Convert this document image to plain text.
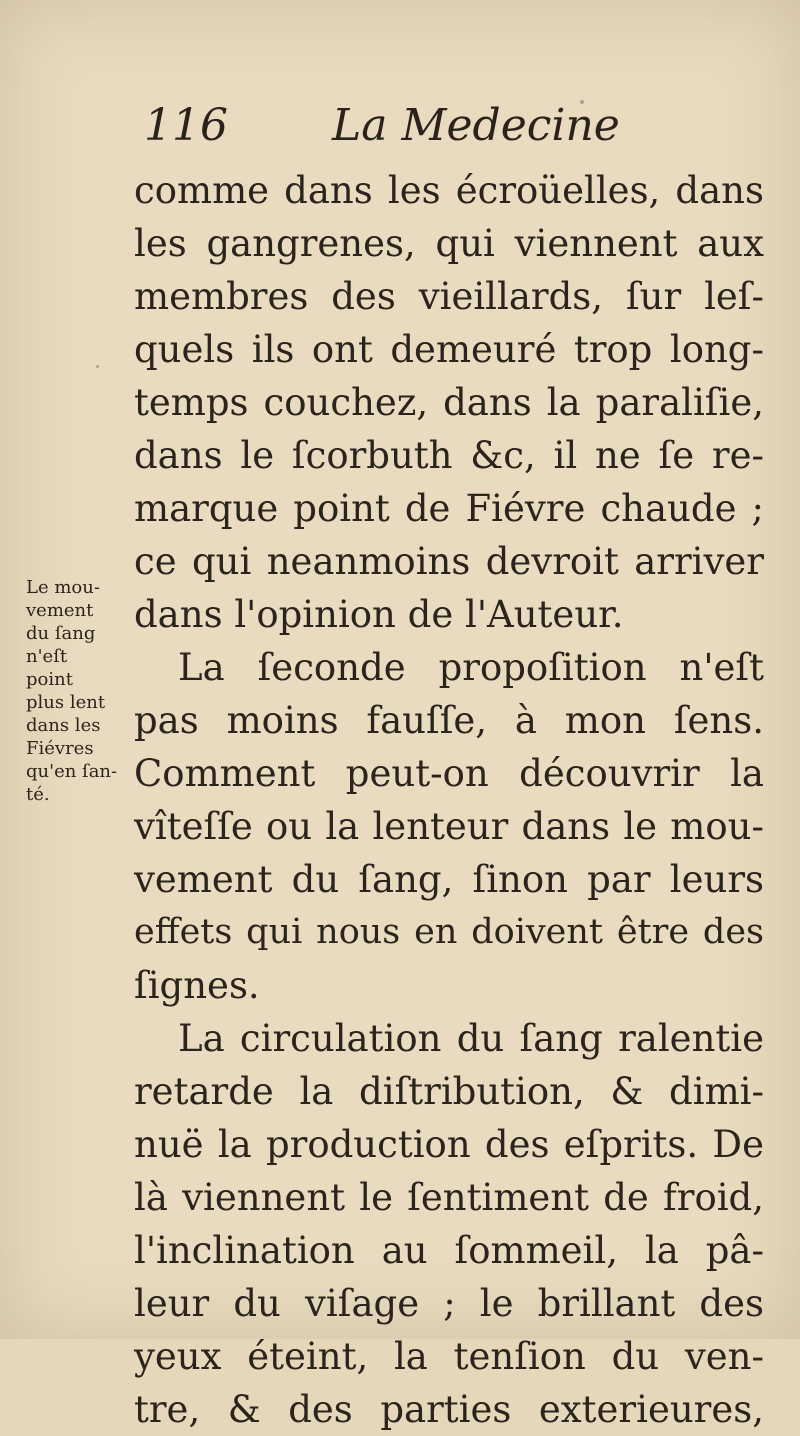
116 La Medecine
Le mou-
vement
du ſang
n'eſt
point
plus lent
dans les
Fiévres
qu'en ſan-
té.
comme dans les écroüelles, dans
les gangrenes, qui viennent aux
membres des vieillards, ſur leſ-
quels ils ont demeuré trop long-
temps couchez, dans la paraliſie,
dans le ſcorbuth &c, il ne ſe re-
marque point de Fiévre chaude ;
ce qui neanmoins devroit arriver
dans l'opinion de l'Auteur.
La ſeconde propoſition n'eſt
pas moins fauſſe, à mon ſens.
Comment peut-on découvrir la
vîteſſe ou la lenteur dans le mou-
vement du ſang, ſinon par leurs
effets qui nous en doivent être des
ſignes.
La circulation du ſang ralentie
retarde la diſtribution, & dimi-
nuë la production des eſprits. De
là viennent le ſentiment de froid,
l'inclination au ſommeil, la pâ-
leur du viſage ; le brillant des
yeux éteint, la tenſion du ven-
tre, & des parties exterieures,
